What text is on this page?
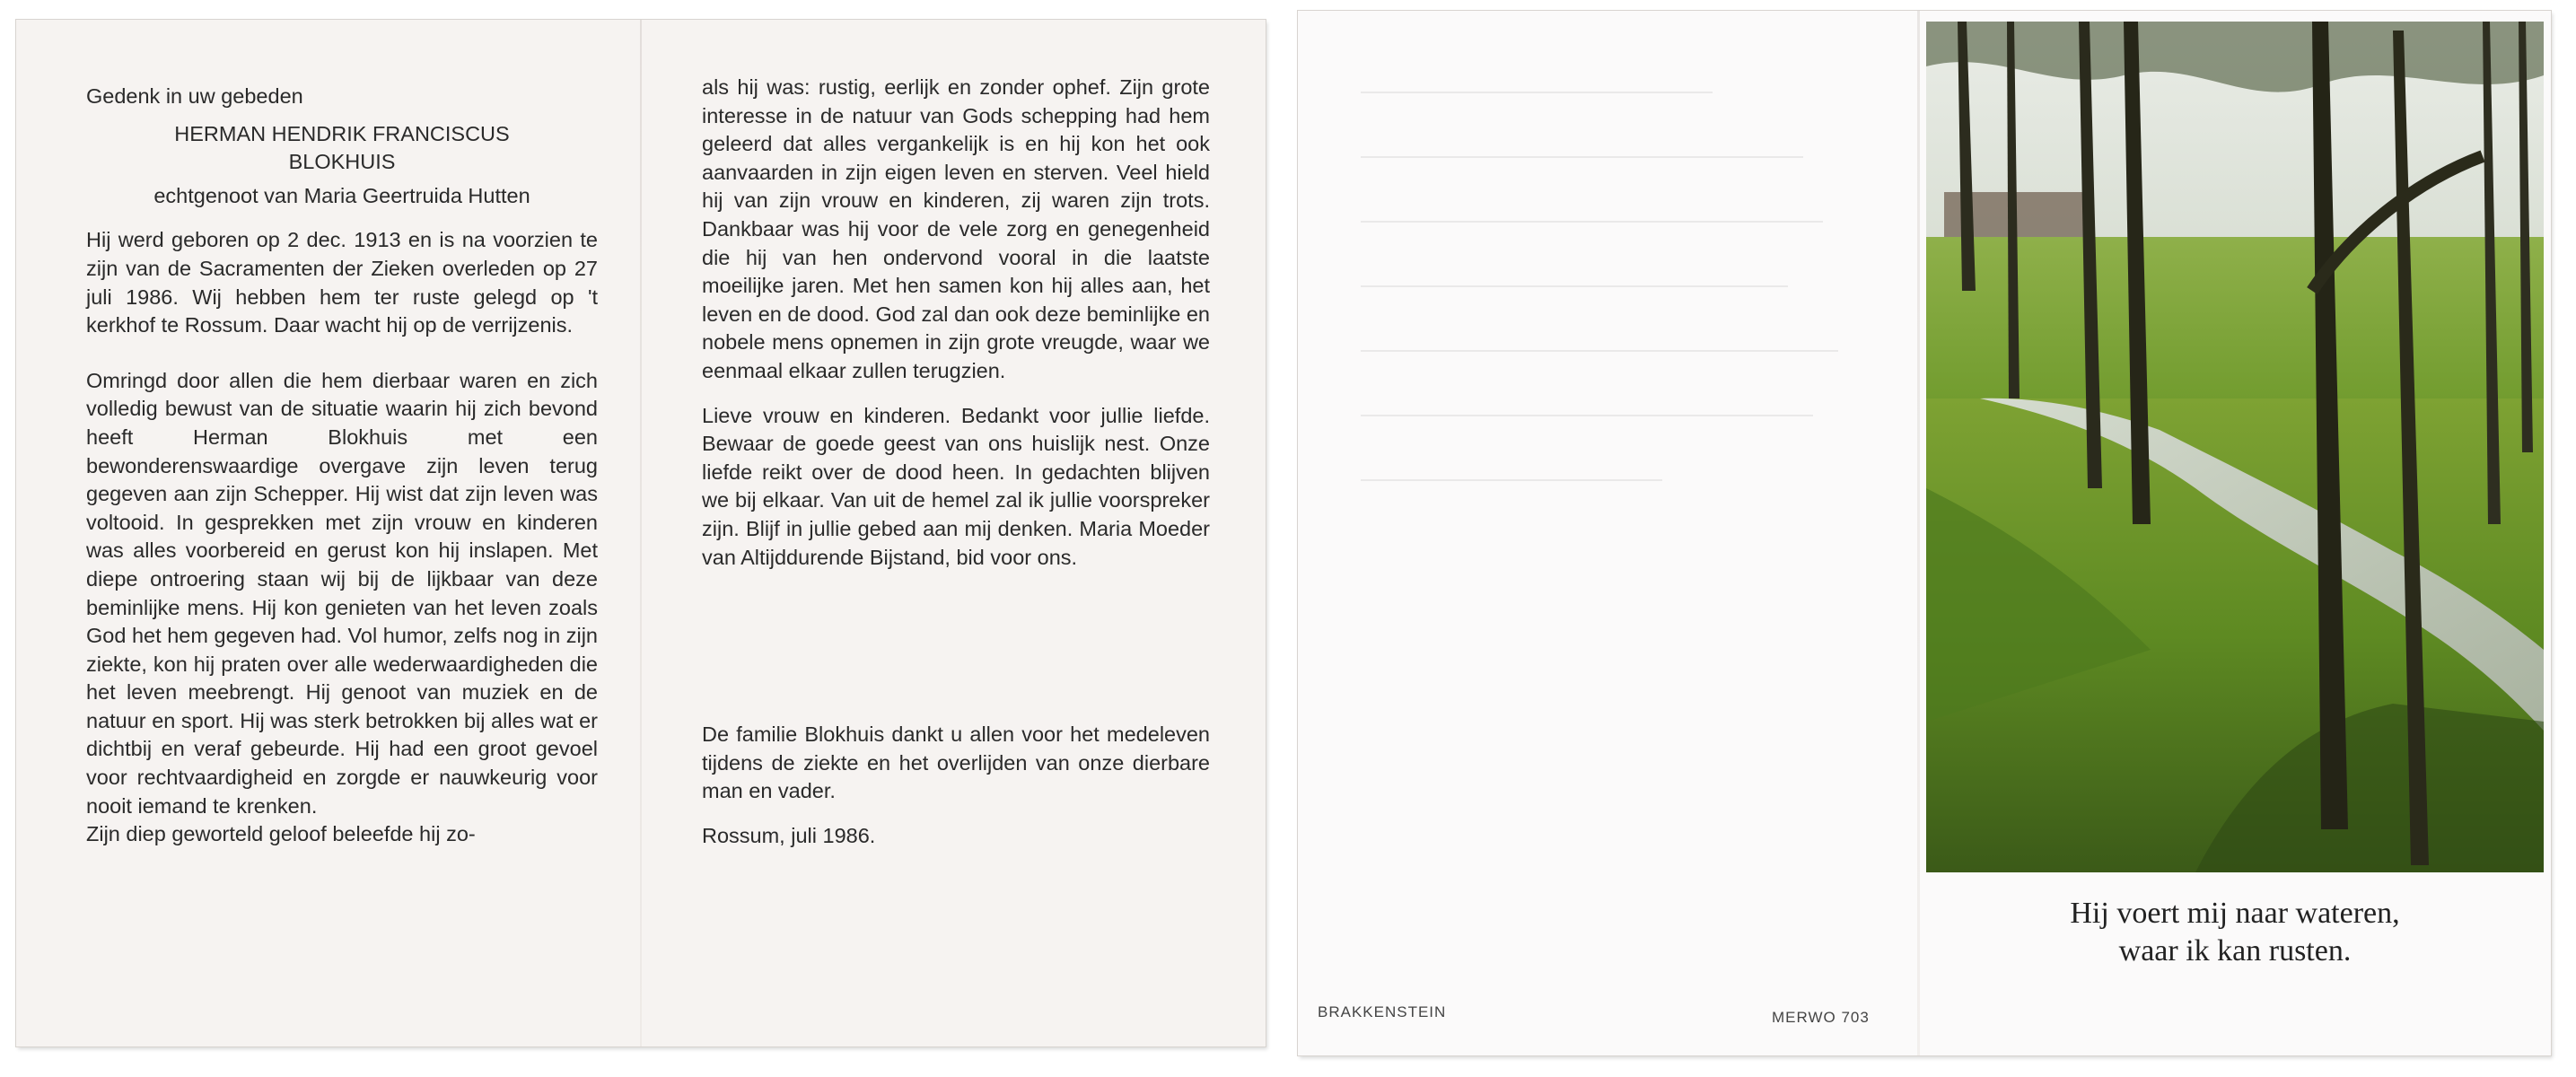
Gedenk in uw gebeden

HERMAN HENDRIK FRANCISCUS

BLOKHUIS

echtgenoot van Maria Geertruida Hutten

Hij werd geboren op 2 dec. 1913 en is na voorzien te zijn van de Sacramenten der Zieken overleden op 27 juli 1986. Wij hebben hem ter ruste gelegd op 't kerkhof te Rossum. Daar wacht hij op de verrijzenis.

Omringd door allen die hem dierbaar waren en zich volledig bewust van de situatie waarin hij zich bevond heeft Herman Blokhuis met een bewonderenswaardige overgave zijn leven terug gegeven aan zijn Schepper. Hij wist dat zijn leven was voltooid. In gesprekken met zijn vrouw en kinderen was alles voorbereid en gerust kon hij inslapen. Met diepe ontroering staan wij bij de lijkbaar van deze beminlijke mens. Hij kon genieten van het leven zoals God het hem gegeven had. Vol humor, zelfs nog in zijn ziekte, kon hij praten over alle wederwaardigheden die het leven meebrengt. Hij genoot van muziek en de natuur en sport. Hij was sterk betrokken bij alles wat er dichtbij en veraf gebeurde. Hij had een groot gevoel voor rechtvaardigheid en zorgde er nauwkeurig voor nooit iemand te krenken.

Zijn diep geworteld geloof beleefde hij zo-

als hij was: rustig, eerlijk en zonder ophef. Zijn grote interesse in de natuur van Gods schepping had hem geleerd dat alles vergankelijk is en hij kon het ook aanvaarden in zijn eigen leven en sterven. Veel hield hij van zijn vrouw en kinderen, zij waren zijn trots. Dankbaar was hij voor de vele zorg en genegenheid die hij van hen ondervond vooral in die laatste moeilijke jaren. Met hen samen kon hij alles aan, het leven en de dood. God zal dan ook deze beminlijke en nobele mens opnemen in zijn grote vreugde, waar we eenmaal elkaar zullen terugzien.

Lieve vrouw en kinderen. Bedankt voor jullie liefde. Bewaar de goede geest van ons huislijk nest. Onze liefde reikt over de dood heen. In gedachten blijven we bij elkaar. Van uit de hemel zal ik jullie voorspreker zijn. Blijf in jullie gebed aan mij denken. Maria Moeder van Altijddurende Bijstand, bid voor ons.

De familie Blokhuis dankt u allen voor het medeleven tijdens de ziekte en het overlijden van onze dierbare man en vader.

Rossum, juli 1986.

BRAKKENSTEIN	MERWO 703
Hij voert mij naar wateren,
waar ik kan rusten.
